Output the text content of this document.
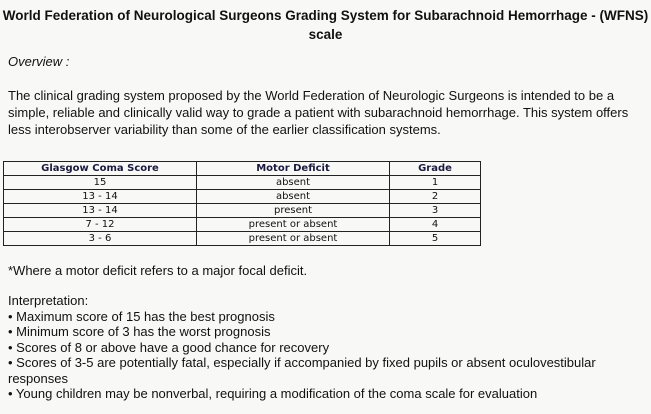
World Federation of Neurological Surgeons Grading System for Subarachnoid Hemorrhage - (WFNS) scale
Overview :
The clinical grading system proposed by the World Federation of Neurologic Surgeons is intended to be a simple, reliable and clinically valid way to grade a patient with subarachnoid hemorrhage. This system offers less interobserver variability than some of the earlier classification systems.
Glasgow Coma Score	Motor Deficit	Grade
15	absent	1
13 - 14	absent	2
13 - 14	present	3
7 - 12	present or absent	4
3 - 6	present or absent	5
*Where a motor deficit refers to a major focal deficit.
Interpretation:
• Maximum score of 15 has the best prognosis
• Minimum score of 3 has the worst prognosis
• Scores of 8 or above have a good chance for recovery
• Scores of 3-5 are potentially fatal, especially if accompanied by fixed pupils or absent oculovestibular responses
• Young children may be nonverbal, requiring a modification of the coma scale for evaluation
